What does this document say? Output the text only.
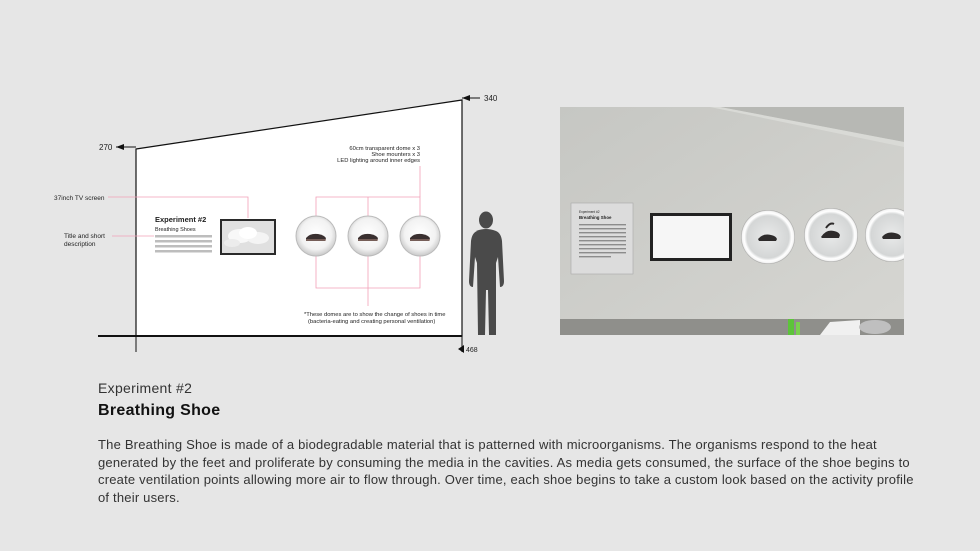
270
340
468
37inch TV screen
Title and short
description
Experiment #2
Breathing Shoes
60cm transparent dome x 3
Shoe mounters x 3
LED lighting around inner edges
*These domes are to show the change of shoes in time
(bacteria-eating and creating personal ventilation)
Experiment #2
Breathing Shoe
Experiment #2
Breathing Shoe
The Breathing Shoe is made of a biodegradable material that is patterned with microorganisms. The organisms respond to the heat generated by the feet and proliferate by consuming the media in the cavities. As media gets consumed, the surface of the shoe begins to create ventilation points allowing more air to flow through. Over time, each shoe begins to take a custom look based on the activity profile of their users.
